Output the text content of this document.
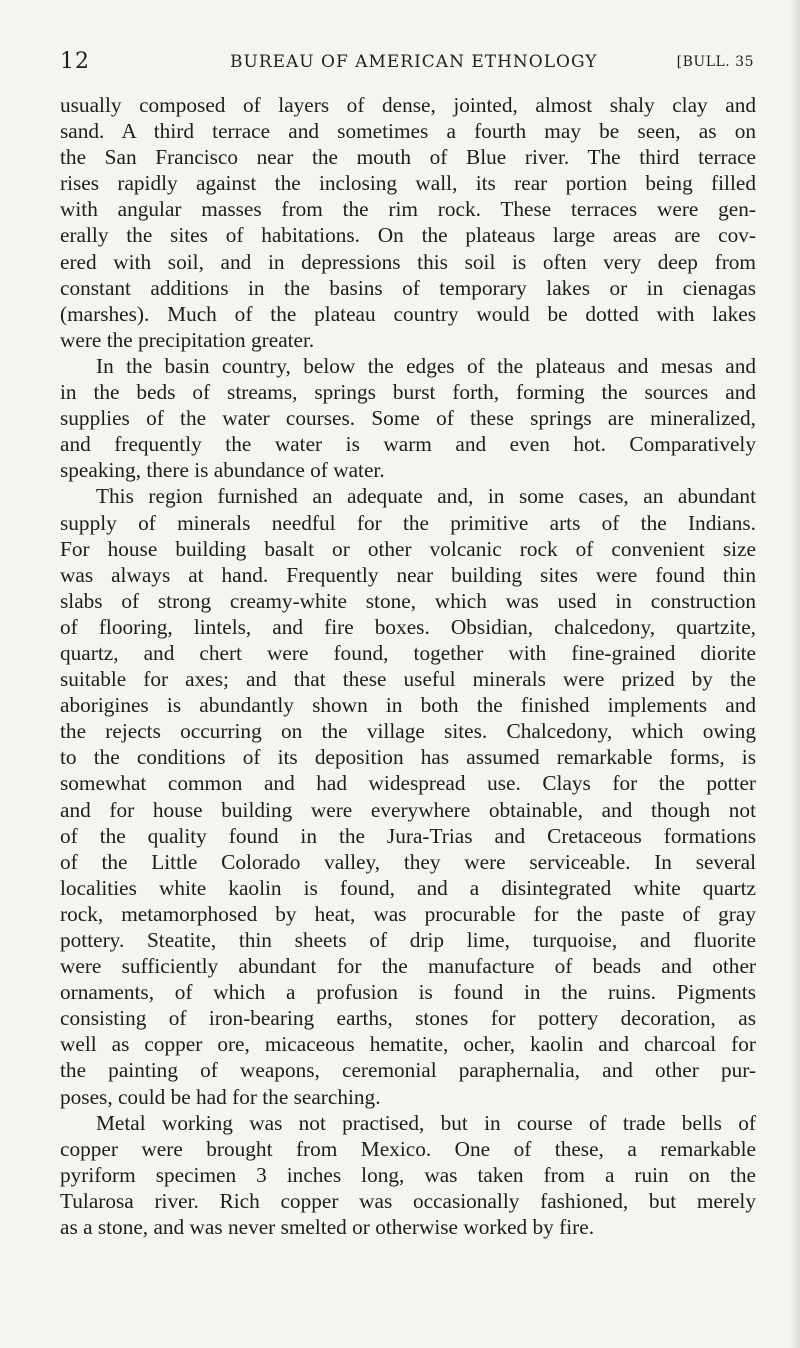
12	BUREAU OF AMERICAN ETHNOLOGY	[BULL. 35

usually composed of layers of dense, jointed, almost shaly clay and

sand. A third terrace and sometimes a fourth may be seen, as on

the San Francisco near the mouth of Blue river. The third terrace

rises rapidly against the inclosing wall, its rear portion being filled

with angular masses from the rim rock. These terraces were gen-

erally the sites of habitations. On the plateaus large areas are cov-

ered with soil, and in depressions this soil is often very deep from

constant additions in the basins of temporary lakes or in cienagas

(marshes). Much of the plateau country would be dotted with lakes

were the precipitation greater.

In the basin country, below the edges of the plateaus and mesas and

in the beds of streams, springs burst forth, forming the sources and

supplies of the water courses. Some of these springs are mineralized,

and frequently the water is warm and even hot. Comparatively

speaking, there is abundance of water.

This region furnished an adequate and, in some cases, an abundant

supply of minerals needful for the primitive arts of the Indians.

For house building basalt or other volcanic rock of convenient size

was always at hand. Frequently near building sites were found thin

slabs of strong creamy-white stone, which was used in construction

of flooring, lintels, and fire boxes. Obsidian, chalcedony, quartzite,

quartz, and chert were found, together with fine-grained diorite

suitable for axes; and that these useful minerals were prized by the

aborigines is abundantly shown in both the finished implements and

the rejects occurring on the village sites. Chalcedony, which owing

to the conditions of its deposition has assumed remarkable forms, is

somewhat common and had widespread use. Clays for the potter

and for house building were everywhere obtainable, and though not

of the quality found in the Jura-Trias and Cretaceous formations

of the Little Colorado valley, they were serviceable. In several

localities white kaolin is found, and a disintegrated white quartz

rock, metamorphosed by heat, was procurable for the paste of gray

pottery. Steatite, thin sheets of drip lime, turquoise, and fluorite

were sufficiently abundant for the manufacture of beads and other

ornaments, of which a profusion is found in the ruins. Pigments

consisting of iron-bearing earths, stones for pottery decoration, as

well as copper ore, micaceous hematite, ocher, kaolin and charcoal for

the painting of weapons, ceremonial paraphernalia, and other pur-

poses, could be had for the searching.

Metal working was not practised, but in course of trade bells of

copper were brought from Mexico. One of these, a remarkable

pyriform specimen 3 inches long, was taken from a ruin on the

Tularosa river. Rich copper was occasionally fashioned, but merely

as a stone, and was never smelted or otherwise worked by fire.
